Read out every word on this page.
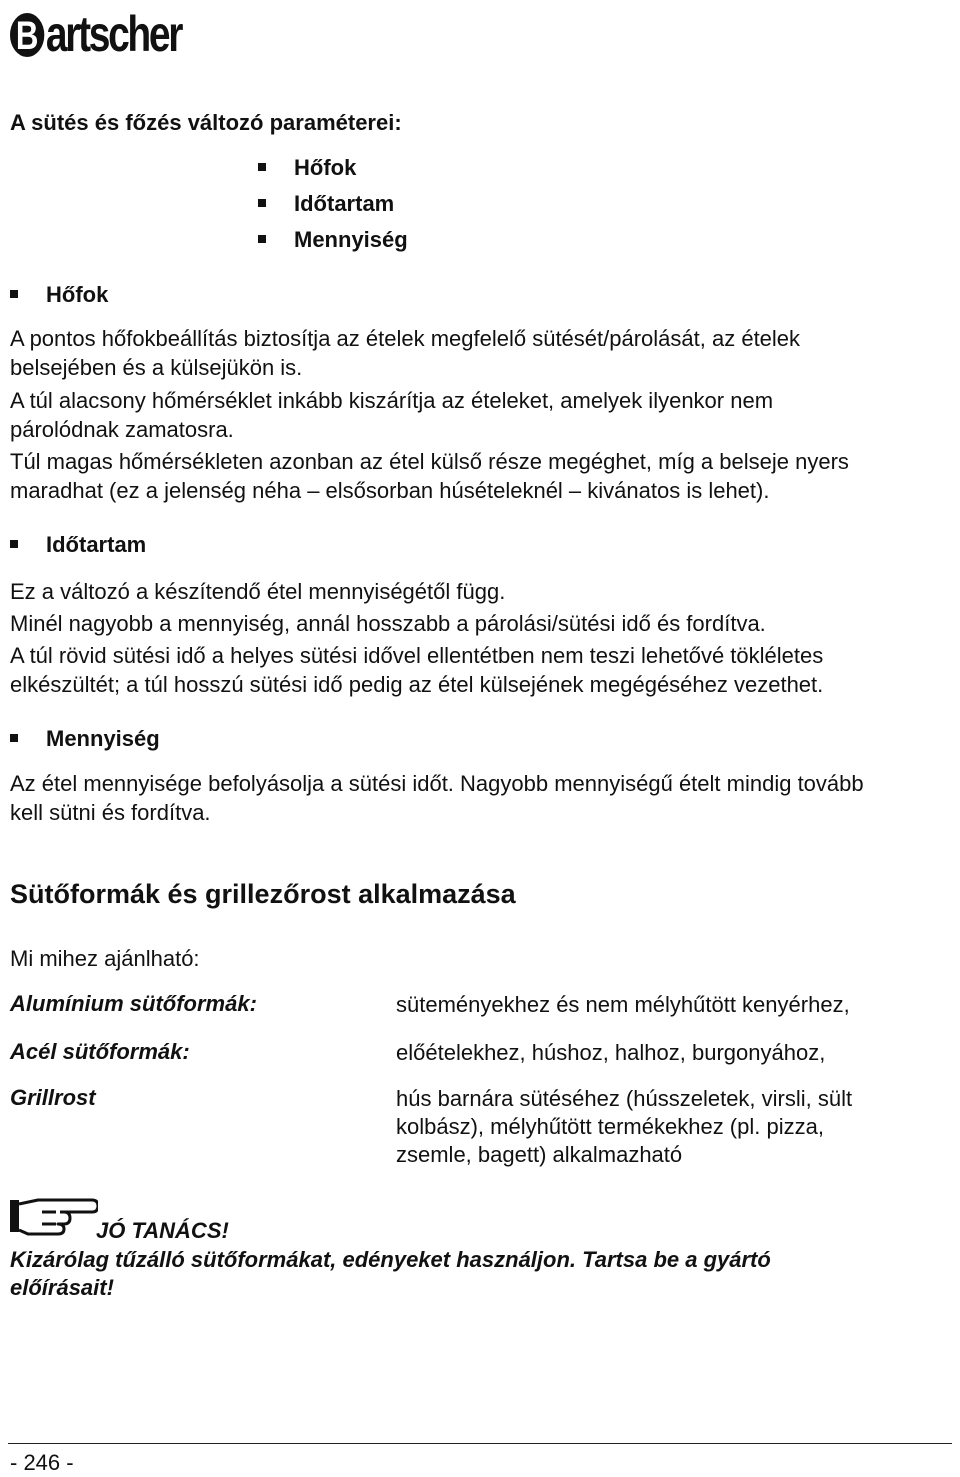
B artscher
A sütés és főzés változó paraméterei:
Hőfok
Időtartam
Mennyiség
Hőfok
A pontos hőfokbeállítás biztosítja az ételek megfelelő sütését/párolását, az ételek
belsejében és a külsejükön is.
A túl alacsony hőmérséklet inkább kiszárítja az ételeket, amelyek ilyenkor nem
párolódnak zamatosra.
Túl magas hőmérsékleten azonban az étel külső része megéghet, míg a belseje nyers
maradhat (ez a jelenség néha – elsősorban húsételeknél – kivánatos is lehet).
Időtartam
Ez a változó a készítendő étel mennyiségétől függ.
Minél nagyobb a mennyiség, annál hosszabb a párolási/sütési idő és fordítva.
A túl rövid sütési idő a helyes sütési idővel ellentétben nem teszi lehetővé tökléletes
elkészültét; a túl hosszú sütési idő pedig az étel külsejének megégéséhez vezethet.
Mennyiség
Az étel mennyisége befolyásolja a sütési időt. Nagyobb mennyiségű ételt mindig tovább
kell sütni és fordítva.
Sütőformák és grillezőrost alkalmazása
Mi mihez ajánlható:
Alumínium sütőformák:	süteményekhez és nem mélyhűtött kenyérhez,
Acél sütőformák:	előételekhez, húshoz, halhoz, burgonyához,
Grillrost	hús barnára sütéséhez (hússzeletek, virsli, sült
kolbász), mélyhűtött termékekhez (pl. pizza,
zsemle, bagett) alkalmazható
JÓ TANÁCS!
Kizárólag tűzálló sütőformákat, edényeket használjon. Tartsa be a gyártó
előírásait!
- 246 -
